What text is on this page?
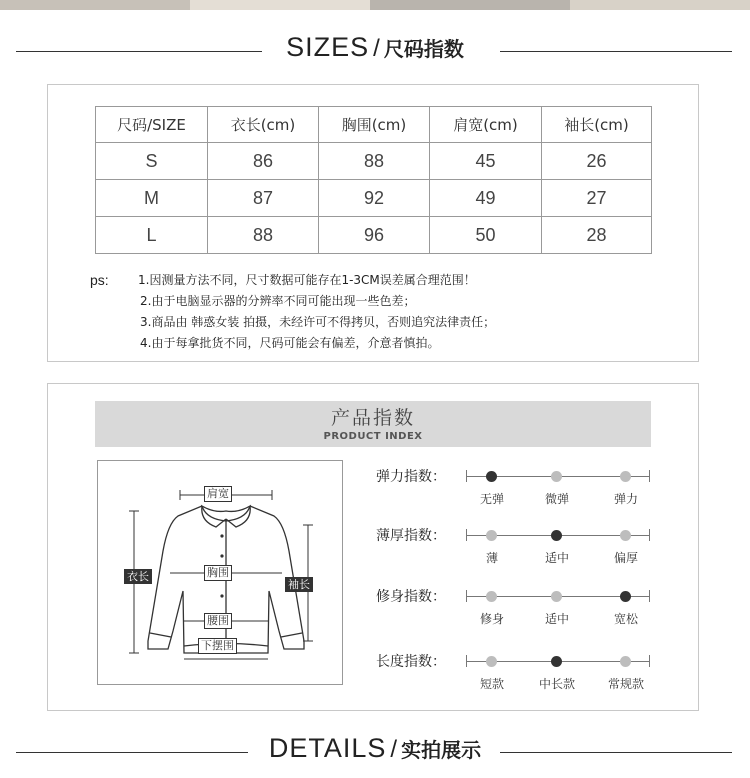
SIZES / 尺码指数
尺码/SIZE	衣长(cm)	胸围(cm)	肩宽(cm)	袖长(cm)
S	86	88	45	26
M	87	92	49	27
L	88	96	50	28
ps: 1.因测量方法不同，尺寸数据可能存在1-3CM误差属合理范围！
2.由于电脑显示器的分辨率不同可能出现一些色差；
3.商品由 韩惑女装 拍摄，未经许可不得拷贝，否则追究法律责任；
4.由于每拿批货不同，尺码可能会有偏差，介意者慎拍。
产品指数
PRODUCT INDEX
肩宽
衣长	胸围
袖长
腰围
下摆围
弹力指数：
无弹	微弹	弹力
薄厚指数：
薄	适中	偏厚
修身指数：
修身	适中	宽松
长度指数：
短款	中长款	常规款
DETAILS / 实拍展示
